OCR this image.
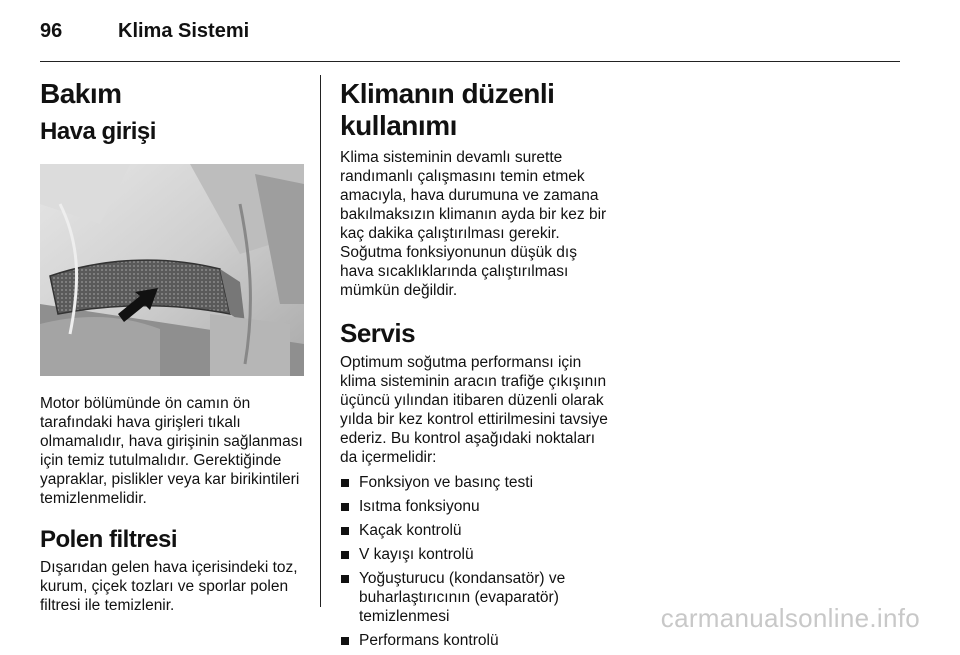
96	Klima Sistemi
Bakım
Hava girişi

Motor bölümünde ön camın ön tarafındaki hava girişleri tıkalı olmamalıdır, hava girişinin sağlanması için temiz tutulmalıdır. Gerektiğinde yapraklar, pislikler veya kar birikintileri temizlenmelidir.

Polen filtresi

Dışarıdan gelen hava içerisindeki toz, kurum, çiçek tozları ve sporlar polen filtresi ile temizlenir.

Klimanın düzenli kullanımı

Klima sisteminin devamlı surette randımanlı çalışmasını temin etmek amacıyla, hava durumuna ve zamana bakılmaksızın klimanın ayda bir kez bir kaç dakika çalıştırılması gerekir. Soğutma fonksiyonunun düşük dış hava sıcaklıklarında çalıştırılması mümkün değildir.

Servis

Optimum soğutma performansı için klima sisteminin aracın trafiğe çıkışının üçüncü yılından itibaren düzenli olarak yılda bir kez kontrol ettirilmesini tavsiye ederiz. Bu kontrol aşağıdaki noktaları da içermelidir:

Fonksiyon ve basınç testi
Isıtma fonksiyonu
Kaçak kontrolü
V kayışı kontrolü
Yoğuşturucu (kondansatör) ve buharlaştırıcının (evaparatör) temizlenmesi
Performans kontrolü
carmanualsonline.info
